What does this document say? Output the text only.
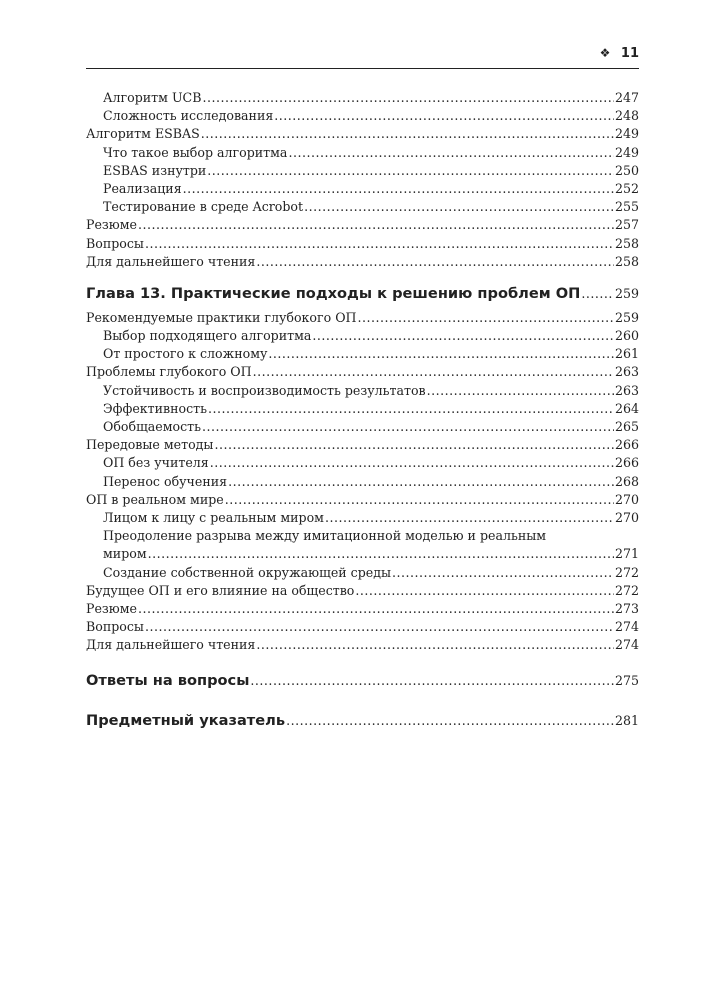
❖ 11
Алгоритм UCB .....	247
Сложность исследования .....	248
Алгоритм ESBAS .....	249
Что такое выбор алгоритма .....	249
ESBAS изнутри .....	250
Реализация .....	252
Тестирование в среде Acrobot .....	255
Резюме .....	257
Вопросы .....	258
Для дальнейшего чтения .....	258
Глава 13. Практические подходы к решению проблем ОП .....	259
Рекомендуемые практики глубокого ОП .....	259
Выбор подходящего алгоритма .....	260
От простого к сложному .....	261
Проблемы глубокого ОП .....	263
Устойчивость и воспроизводимость результатов .....	263
Эффективность .....	264
Обобщаемость .....	265
Передовые методы .....	266
ОП без учителя .....	266
Перенос обучения .....	268
ОП в реальном мире .....	270
Лицом к лицу с реальным миром .....	270
Преодоление разрыва между имитационной моделью и реальным
миром .....	271
Создание собственной окружающей среды .....	272
Будущее ОП и его влияние на общество .....	272
Резюме .....	273
Вопросы .....	274
Для дальнейшего чтения .....	274
Ответы на вопросы .....	275
Предметный указатель .....	281
